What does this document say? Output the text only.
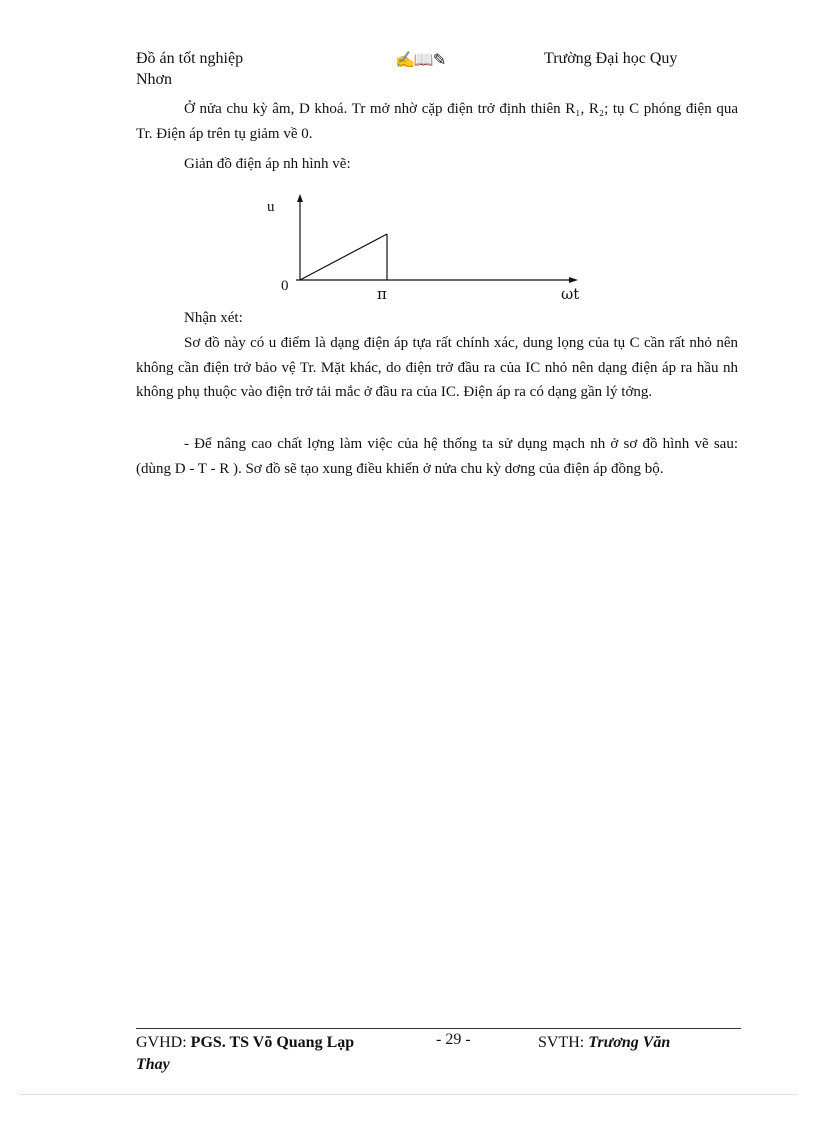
Đồ án tốt nghiệp	✍📖✎	Trường Đại học Quy
Nhơn
Ở nửa chu kỳ âm, D khoá. Tr mở nhờ cặp điện trở định thiên R₁, R₂; tụ C phóng điện qua Tr. Điện áp trên tụ giảm về 0.
Giản đồ điện áp nh hình vẽ:
u
0	π	ωt
Nhận xét:
Sơ đồ này có u điểm là dạng điện áp tựa rất chính xác, dung lọng của tụ C cần rất nhỏ nên không cần điện trở bảo vệ Tr. Mặt khác, do điện trở đầu ra của IC nhỏ nên dạng điện áp ra hầu nh không phụ thuộc vào điện trở tải mắc ở đầu ra của IC. Điện áp ra có dạng gần lý tởng.
- Để nâng cao chất lợng làm việc của hệ thống ta sử dụng mạch nh ở sơ đồ hình vẽ sau: (dùng D - T - R ). Sơ đồ sẽ tạo xung điều khiển ở nửa chu kỳ dơng của điện áp đồng bộ.
GVHD: PGS. TS Võ Quang Lạp	- 29 -	SVTH: Trương Văn
Thay
